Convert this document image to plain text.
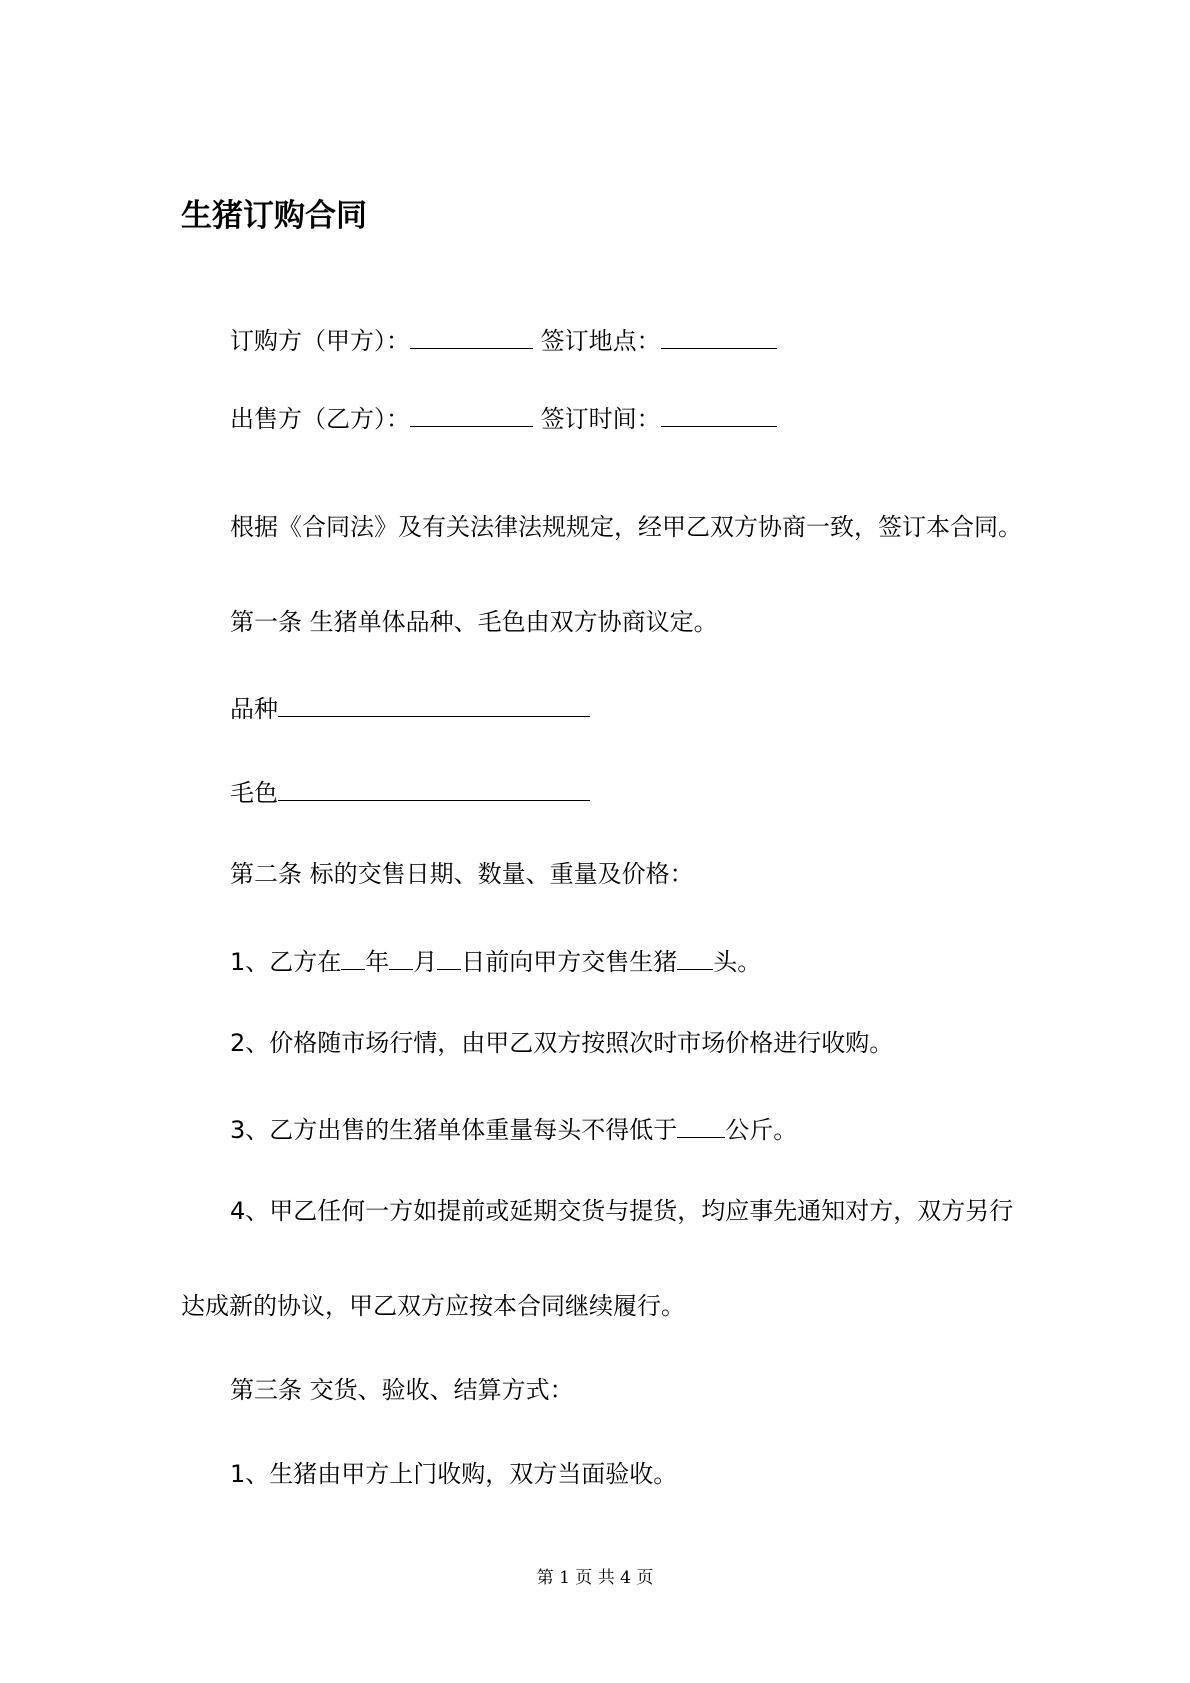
生猪订购合同
订购方（甲方）：	签订地点：
出售方（乙方）：	签订时间：
根据《合同法》及有关法律法规规定，经甲乙双方协商一致，签订本合同。
第一条 生猪单体品种、毛色由双方协商议定。
品种
毛色
第二条 标的交售日期、数量、重量及价格：
1、乙方在 年 月 日前向甲方交售生猪 头。
2、价格随市场行情，由甲乙双方按照次时市场价格进行收购。
3、乙方出售的生猪单体重量每头不得低于 公斤。
4、甲乙任何一方如提前或延期交货与提货，均应事先通知对方，双方另行
达成新的协议，甲乙双方应按本合同继续履行。
第三条 交货、验收、结算方式：
1、生猪由甲方上门收购，双方当面验收。
第 1 页 共 4 页
